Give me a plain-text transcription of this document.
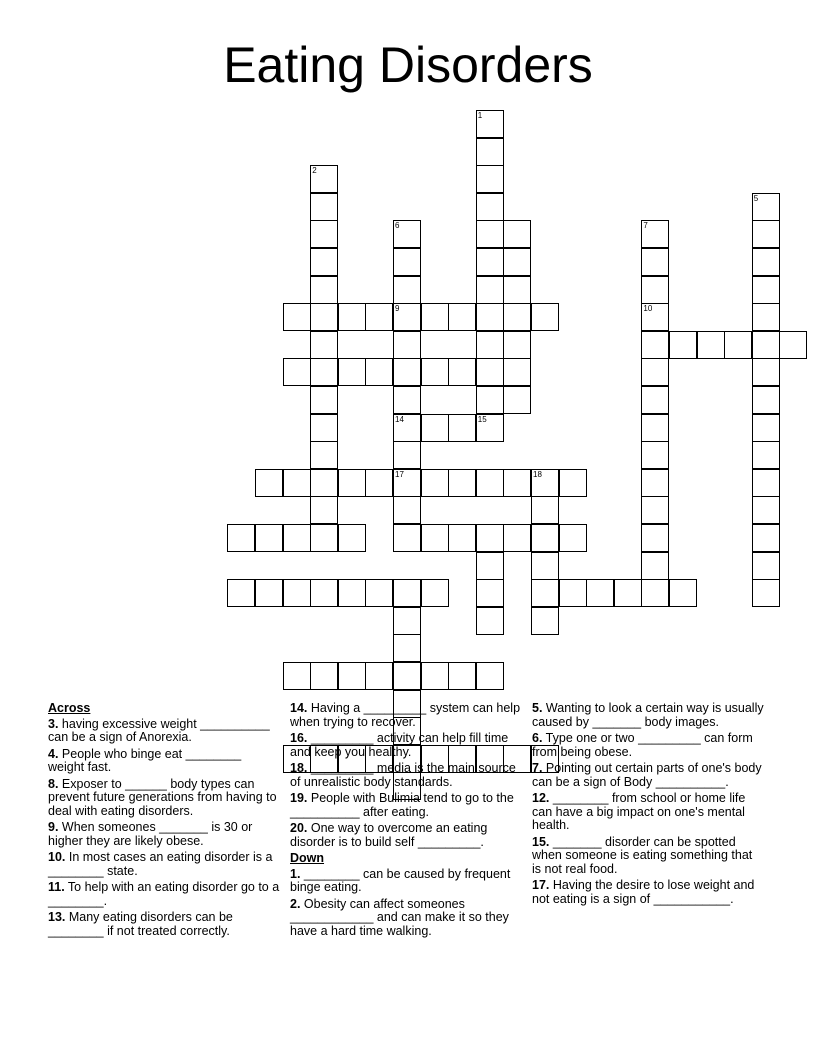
Eating Disorders
14	15
17	18
1
2
5
6
9
7
10
Across
3. having excessive weight __________ can be a sign of Anorexia.
4. People who binge eat ________ weight fast.
8. Exposer to ______ body types can prevent future generations from having to deal with eating disorders.
9. When someones _______ is 30 or higher they are likely obese.
10. In most cases an eating disorder is a ________ state.
11. To help with an eating disorder go to a ________.
13. Many eating disorders can be ________ if not treated correctly.
14. Having a _________ system can help when trying to recover.
16. _________ activity can help fill time and keep you healthy.
18. _________ media is the main source of unrealistic body standards.
19. People with Bulimia tend to go to the __________ after eating.
20. One way to overcome an eating disorder is to build self _________.
Down
1. ________ can be caused by frequent binge eating.
2. Obesity can affect someones ____________ and can make it so they have a hard time walking.
5. Wanting to look a certain way is usually caused by _______ body images.
6. Type one or two _________ can form from being obese.
7. Pointing out certain parts of one's body can be a sign of Body __________.
12. ________ from school or home life can have a big impact on one's mental health.
15. _______ disorder can be spotted when someone is eating something that is not real food.
17. Having the desire to lose weight and not eating is a sign of ___________.
